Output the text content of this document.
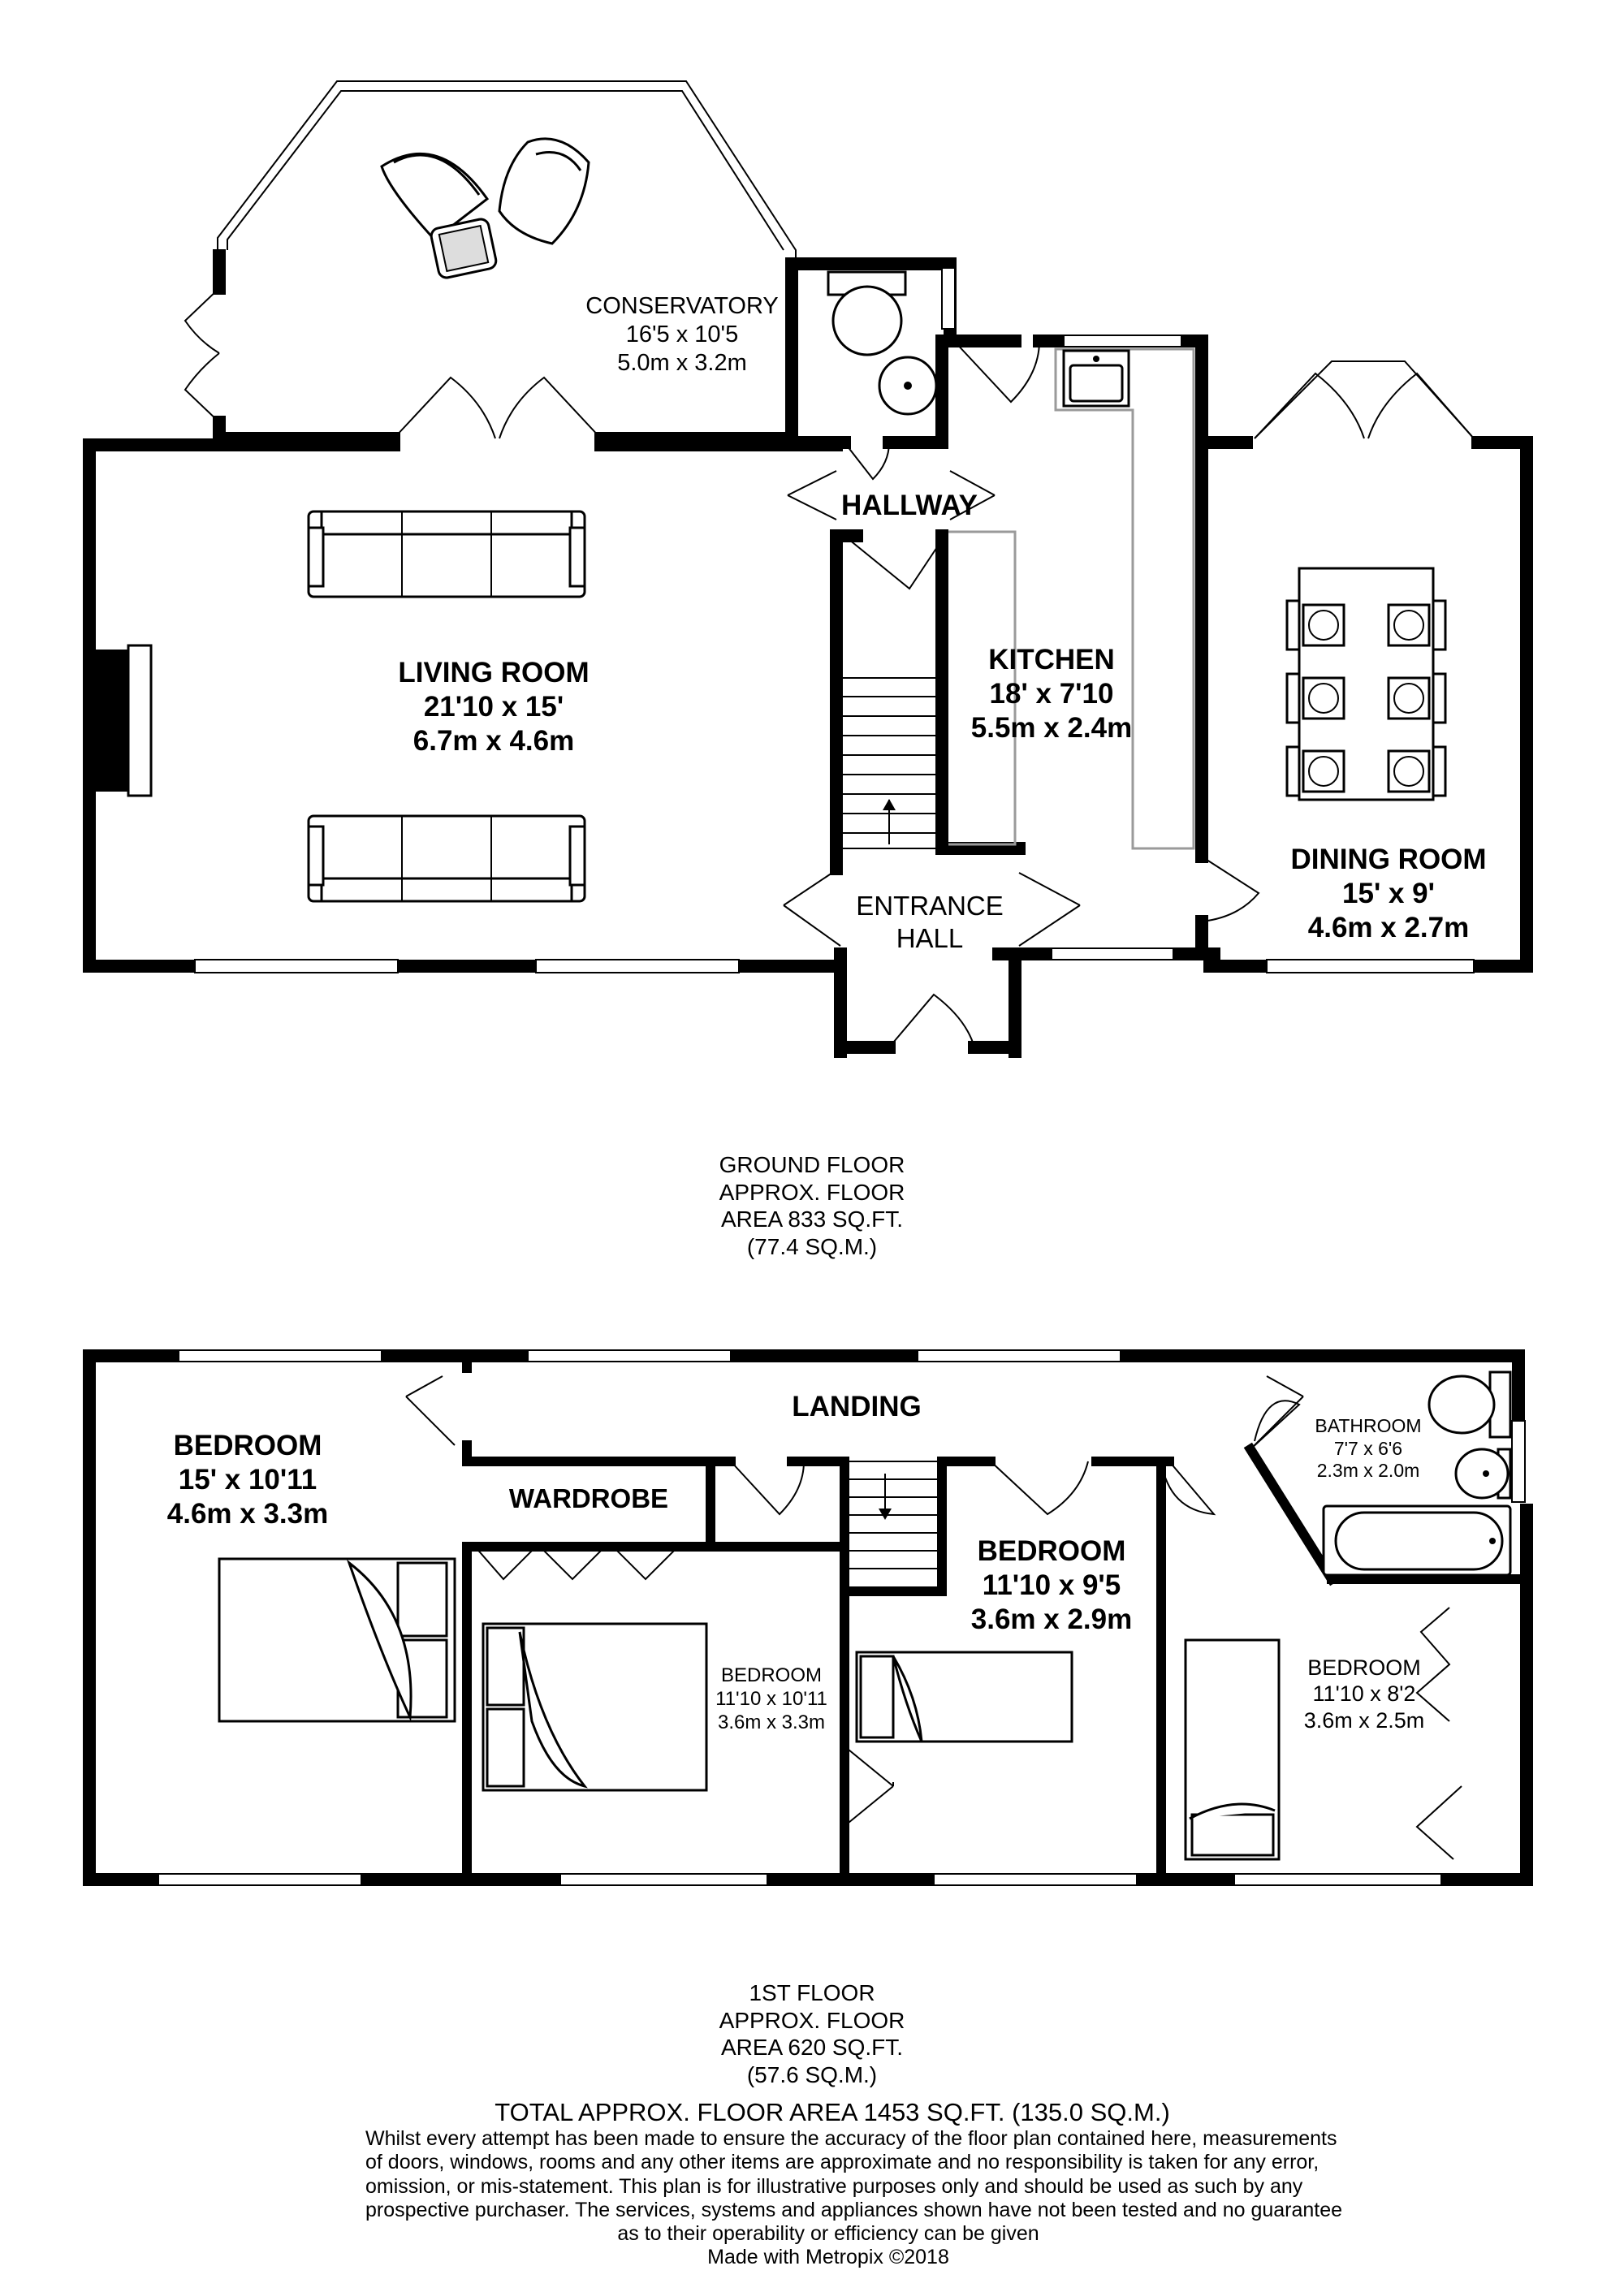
CONSERVATORY
16'5 x 10'5
5.0m x 3.2m
HALLWAY
LIVING ROOM
21'10 x 15'
6.7m x 4.6m
KITCHEN
18' x 7'10
5.5m x 2.4m
DINING ROOM
15' x 9'
4.6m x 2.7m
ENTRANCE
HALL
GROUND FLOOR
APPROX. FLOOR
AREA 833 SQ.FT.
(77.4 SQ.M.)
LANDING
BATHROOM
7'7 x 6'6
2.3m x 2.0m
BEDROOM
15' x 10'11
4.6m x 3.3m	WARDROBE
BEDROOM
11'10 x 10'11
3.6m x 3.3m
BEDROOM
11'10 x 9'5
3.6m x 2.9m
BEDROOM
11'10 x 8'2
3.6m x 2.5m
1ST FLOOR
APPROX. FLOOR
AREA 620 SQ.FT.
(57.6 SQ.M.)
TOTAL APPROX. FLOOR AREA 1453 SQ.FT. (135.0 SQ.M.)
Whilst every attempt has been made to ensure the accuracy of the floor plan contained here, measurements
of doors, windows, rooms and any other items are approximate and no responsibility is taken for any error,
omission, or mis-statement. This plan is for illustrative purposes only and should be used as such by any
prospective purchaser. The services, systems and appliances shown have not been tested and no guarantee
as to their operability or efficiency can be given
Made with Metropix ©2018
